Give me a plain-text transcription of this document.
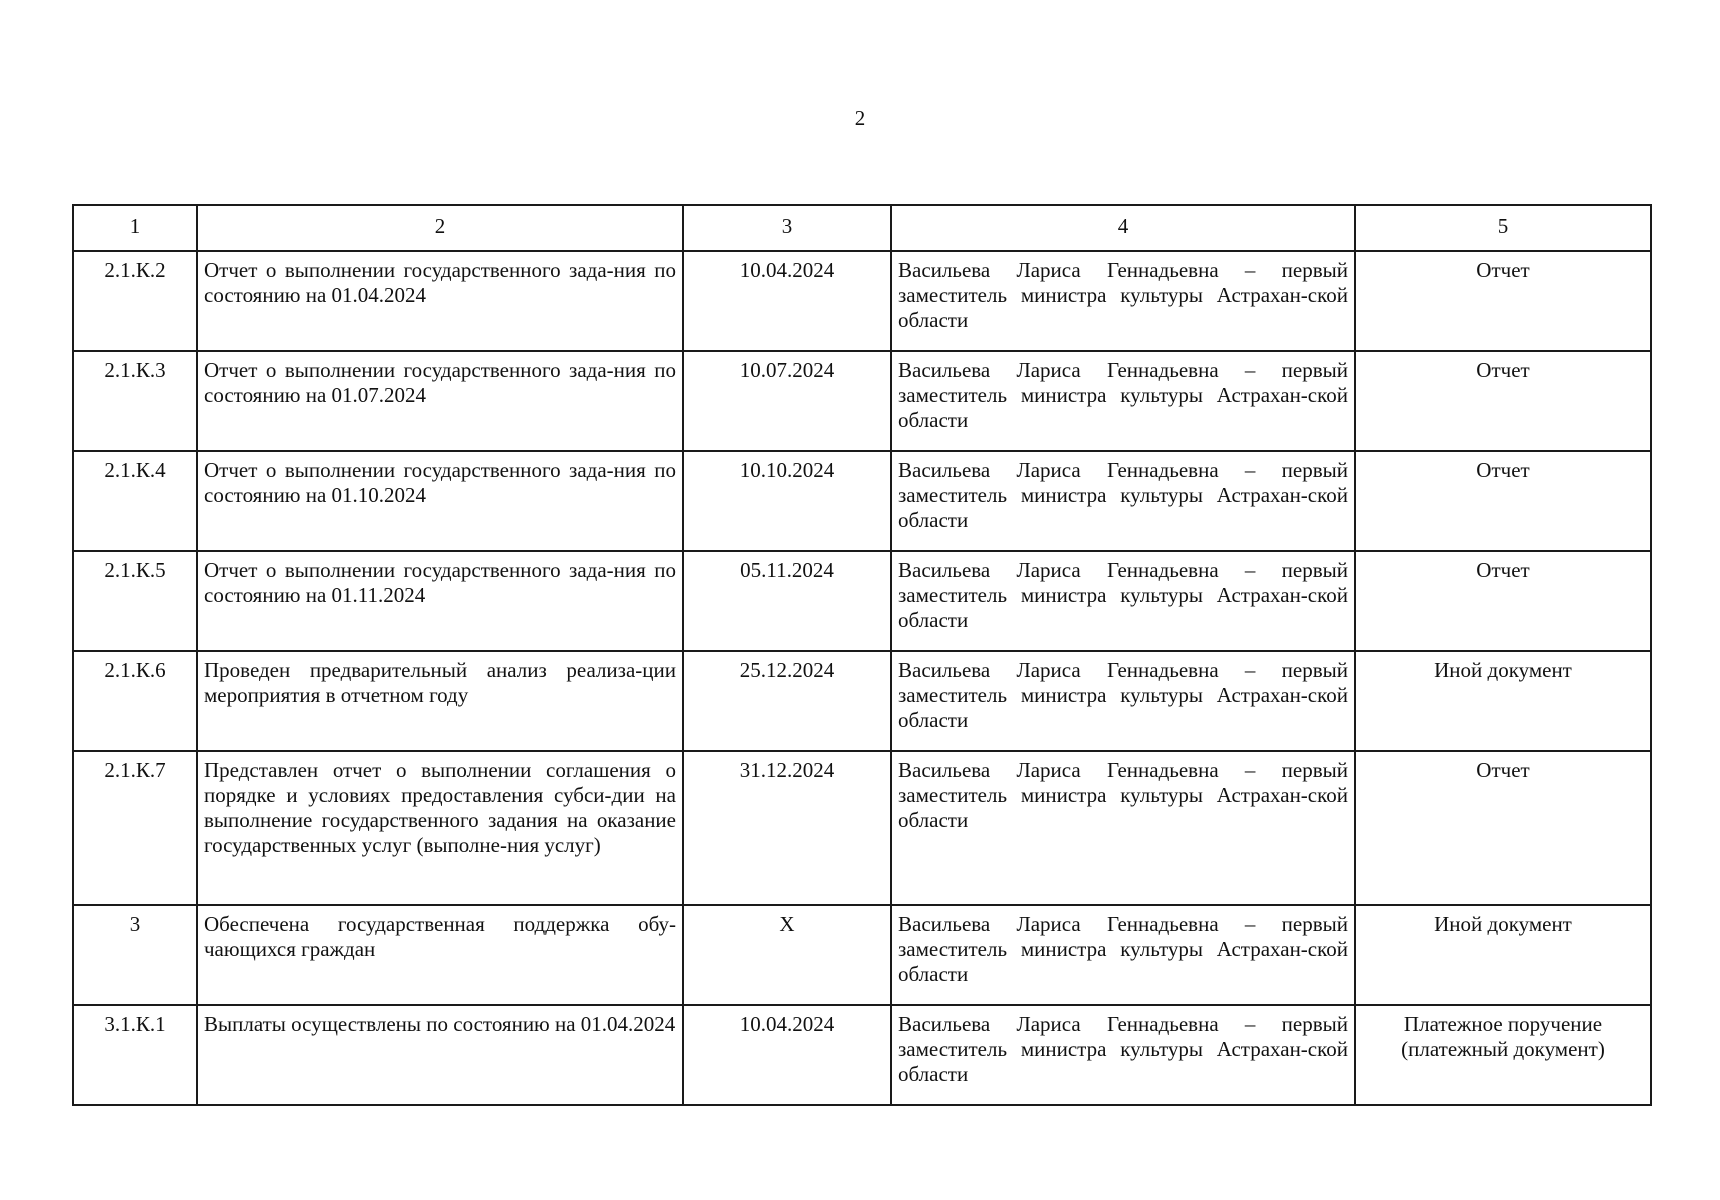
2
1	2	3	4	5
2.1.К.2	Отчет о выполнении государственного зада-ния по состоянию на 01.04.2024	10.04.2024	Васильева Лариса Геннадьевна – первый заместитель министра культуры Астрахан-ской области	Отчет
2.1.К.3	Отчет о выполнении государственного зада-ния по состоянию на 01.07.2024	10.07.2024	Васильева Лариса Геннадьевна – первый заместитель министра культуры Астрахан-ской области	Отчет
2.1.К.4	Отчет о выполнении государственного зада-ния по состоянию на 01.10.2024	10.10.2024	Васильева Лариса Геннадьевна – первый заместитель министра культуры Астрахан-ской области	Отчет
2.1.К.5	Отчет о выполнении государственного зада-ния по состоянию на 01.11.2024	05.11.2024	Васильева Лариса Геннадьевна – первый заместитель министра культуры Астрахан-ской области	Отчет
2.1.К.6	Проведен предварительный анализ реализа-ции мероприятия в отчетном году	25.12.2024	Васильева Лариса Геннадьевна – первый заместитель министра культуры Астрахан-ской области	Иной документ
2.1.К.7	Представлен отчет о выполнении соглашения о порядке и условиях предоставления субси-дии на выполнение государственного задания на оказание государственных услуг (выполне-ния услуг)	31.12.2024	Васильева Лариса Геннадьевна – первый заместитель министра культуры Астрахан-ской области	Отчет
3	Обеспечена государственная поддержка обу-чающихся граждан	X	Васильева Лариса Геннадьевна – первый заместитель министра культуры Астрахан-ской области	Иной документ
3.1.К.1	Выплаты осуществлены по состоянию на 01.04.2024	10.04.2024	Васильева Лариса Геннадьевна – первый заместитель министра культуры Астрахан-ской области	Платежное поручение (платежный документ)
